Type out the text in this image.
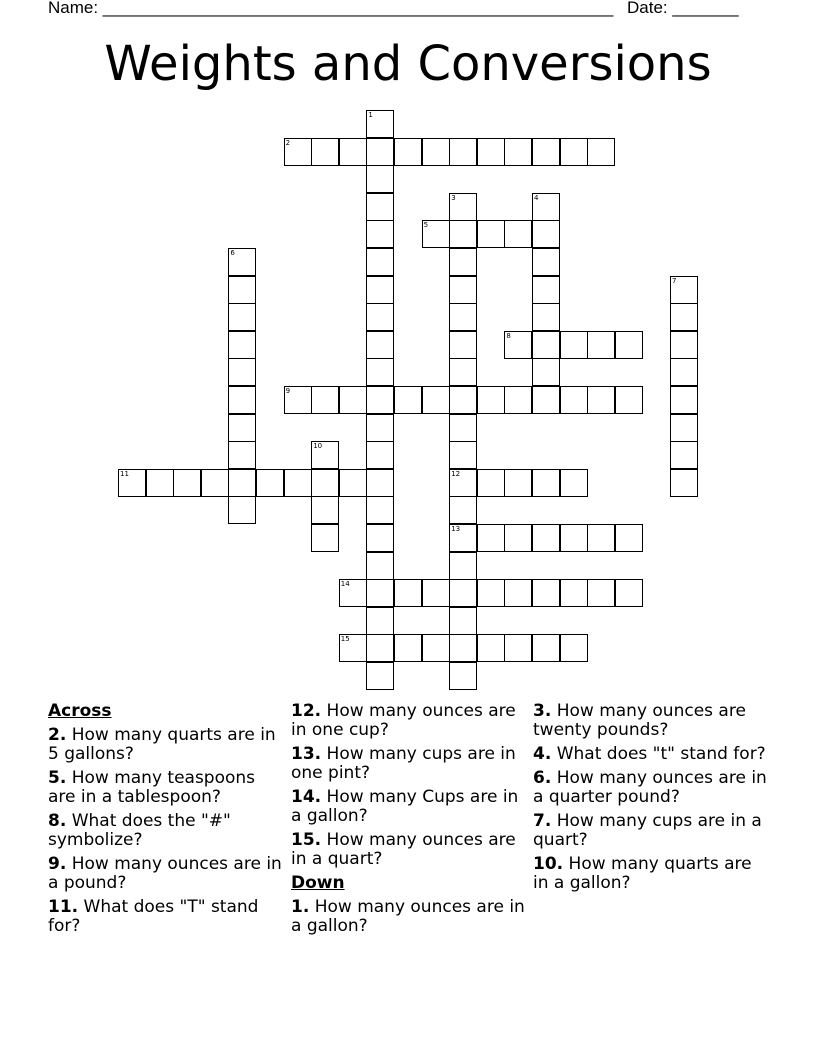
Name: ______________________________________________________ Date: _______
Weights and Conversions
1
2
3	4
5
6
7
8
9
10
11	12
13
14
15
Across
2. How many quarts are in 5 gallons?
5. How many teaspoons are in a tablespoon?
8. What does the "#" symbolize?
9. How many ounces are in a pound?
11. What does "T" stand for?
12. How many ounces are in one cup?
13. How many cups are in one pint?
14. How many Cups are in a gallon?
15. How many ounces are in a quart?
Down
1. How many ounces are in a gallon?
3. How many ounces are twenty pounds?
4. What does "t" stand for?
6. How many ounces are in a quarter pound?
7. How many cups are in a quart?
10. How many quarts are in a gallon?
